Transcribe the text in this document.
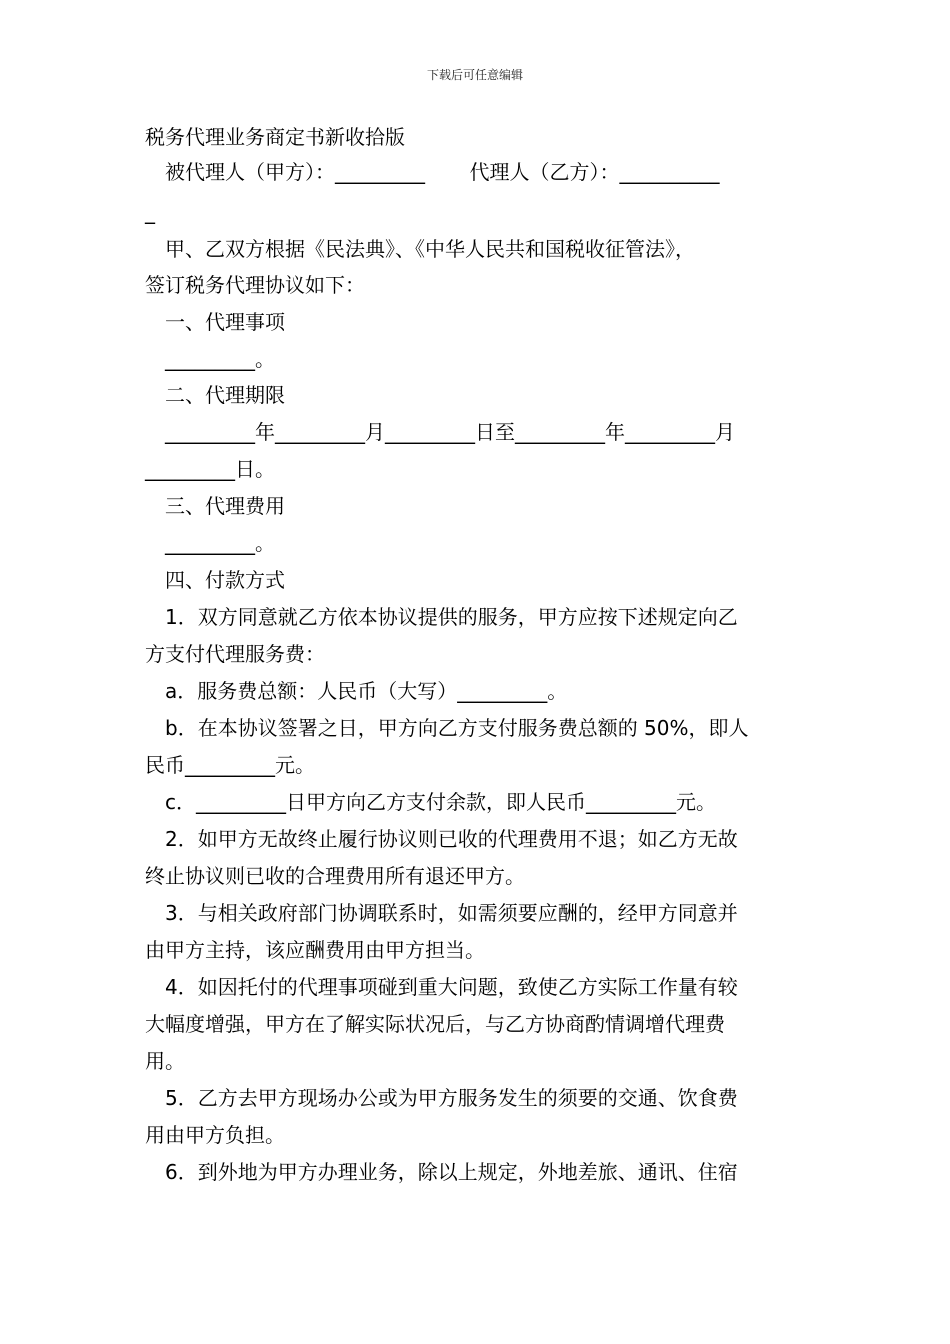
下载后可任意编辑
税务代理业务商定书新收拾版
被代理人（甲方）：_________       代理人（乙方）：__________
_
甲、乙双方根据《民法典》、《中华人民共和国税收征管法》，
签订税务代理协议如下：
一、代理事项
_________。
二、代理期限
_________年_________月_________日至_________年_________月
_________日。
三、代理费用
_________。
四、付款方式
1．双方同意就乙方依本协议提供的服务，甲方应按下述规定向乙
方支付代理服务费：
a．服务费总额：人民币（大写）_________。
b．在本协议签署之日，甲方向乙方支付服务费总额的 50%，即人
民币_________元。
c．_________日甲方向乙方支付余款，即人民币_________元。
2．如甲方无故终止履行协议则已收的代理费用不退；如乙方无故
终止协议则已收的合理费用所有退还甲方。
3．与相关政府部门协调联系时，如需须要应酬的，经甲方同意并
由甲方主持，该应酬费用由甲方担当。
4．如因托付的代理事项碰到重大问题，致使乙方实际工作量有较
大幅度增强，甲方在了解实际状况后，与乙方协商酌情调增代理费
用。
5．乙方去甲方现场办公或为甲方服务发生的须要的交通、饮食费
用由甲方负担。
6．到外地为甲方办理业务，除以上规定，外地差旅、通讯、住宿
